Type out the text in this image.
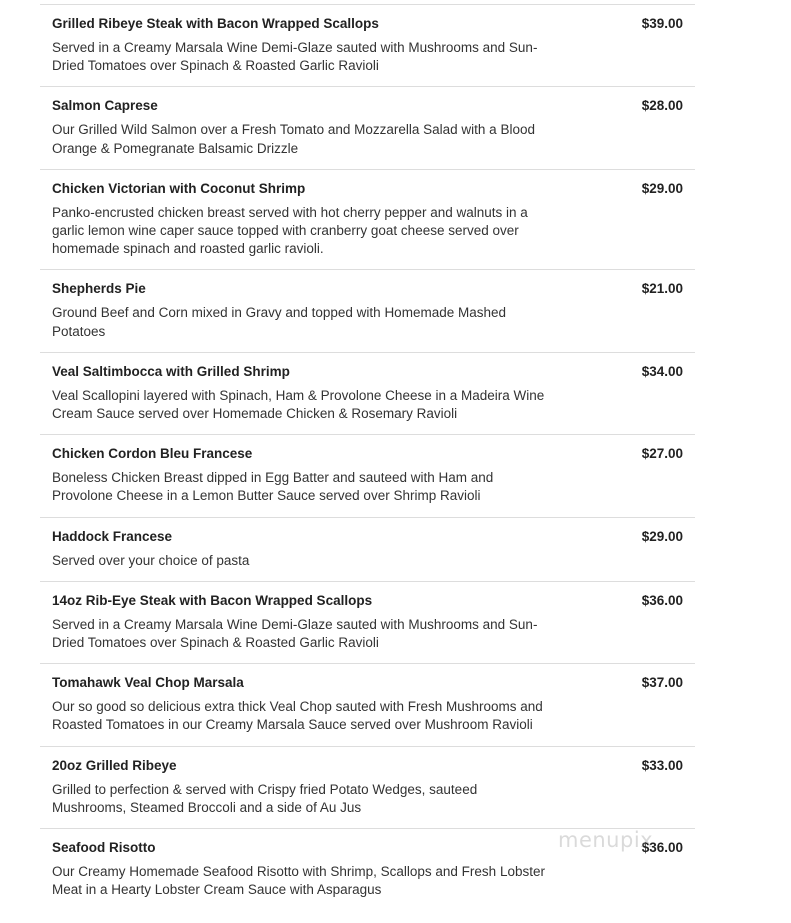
Grilled Ribeye Steak with Bacon Wrapped Scallops	$39.00
Served in a Creamy Marsala Wine Demi-Glaze sauted with Mushrooms and Sun-Dried Tomatoes over Spinach & Roasted Garlic Ravioli
Salmon Caprese	$28.00
Our Grilled Wild Salmon over a Fresh Tomato and Mozzarella Salad with a Blood Orange & Pomegranate Balsamic Drizzle
Chicken Victorian with Coconut Shrimp	$29.00
Panko-encrusted chicken breast served with hot cherry pepper and walnuts in a garlic lemon wine caper sauce topped with cranberry goat cheese served over homemade spinach and roasted garlic ravioli.
Shepherds Pie	$21.00
Ground Beef and Corn mixed in Gravy and topped with Homemade Mashed Potatoes
Veal Saltimbocca with Grilled Shrimp	$34.00
Veal Scallopini layered with Spinach, Ham & Provolone Cheese in a Madeira Wine Cream Sauce served over Homemade Chicken & Rosemary Ravioli
Chicken Cordon Bleu Francese	$27.00
Boneless Chicken Breast dipped in Egg Batter and sauteed with Ham and Provolone Cheese in a Lemon Butter Sauce served over Shrimp Ravioli
Haddock Francese	$29.00
Served over your choice of pasta
14oz Rib-Eye Steak with Bacon Wrapped Scallops	$36.00
Served in a Creamy Marsala Wine Demi-Glaze sauted with Mushrooms and Sun-Dried Tomatoes over Spinach & Roasted Garlic Ravioli
Tomahawk Veal Chop Marsala	$37.00
Our so good so delicious extra thick Veal Chop sauted with Fresh Mushrooms and Roasted Tomatoes in our Creamy Marsala Sauce served over Mushroom Ravioli
20oz Grilled Ribeye	$33.00
Grilled to perfection & served with Crispy fried Potato Wedges, sauteed Mushrooms, Steamed Broccoli and a side of Au Jus
Seafood Risotto	$36.00
Our Creamy Homemade Seafood Risotto with Shrimp, Scallops and Fresh Lobster Meat in a Hearty Lobster Cream Sauce with Asparagus
menupix
